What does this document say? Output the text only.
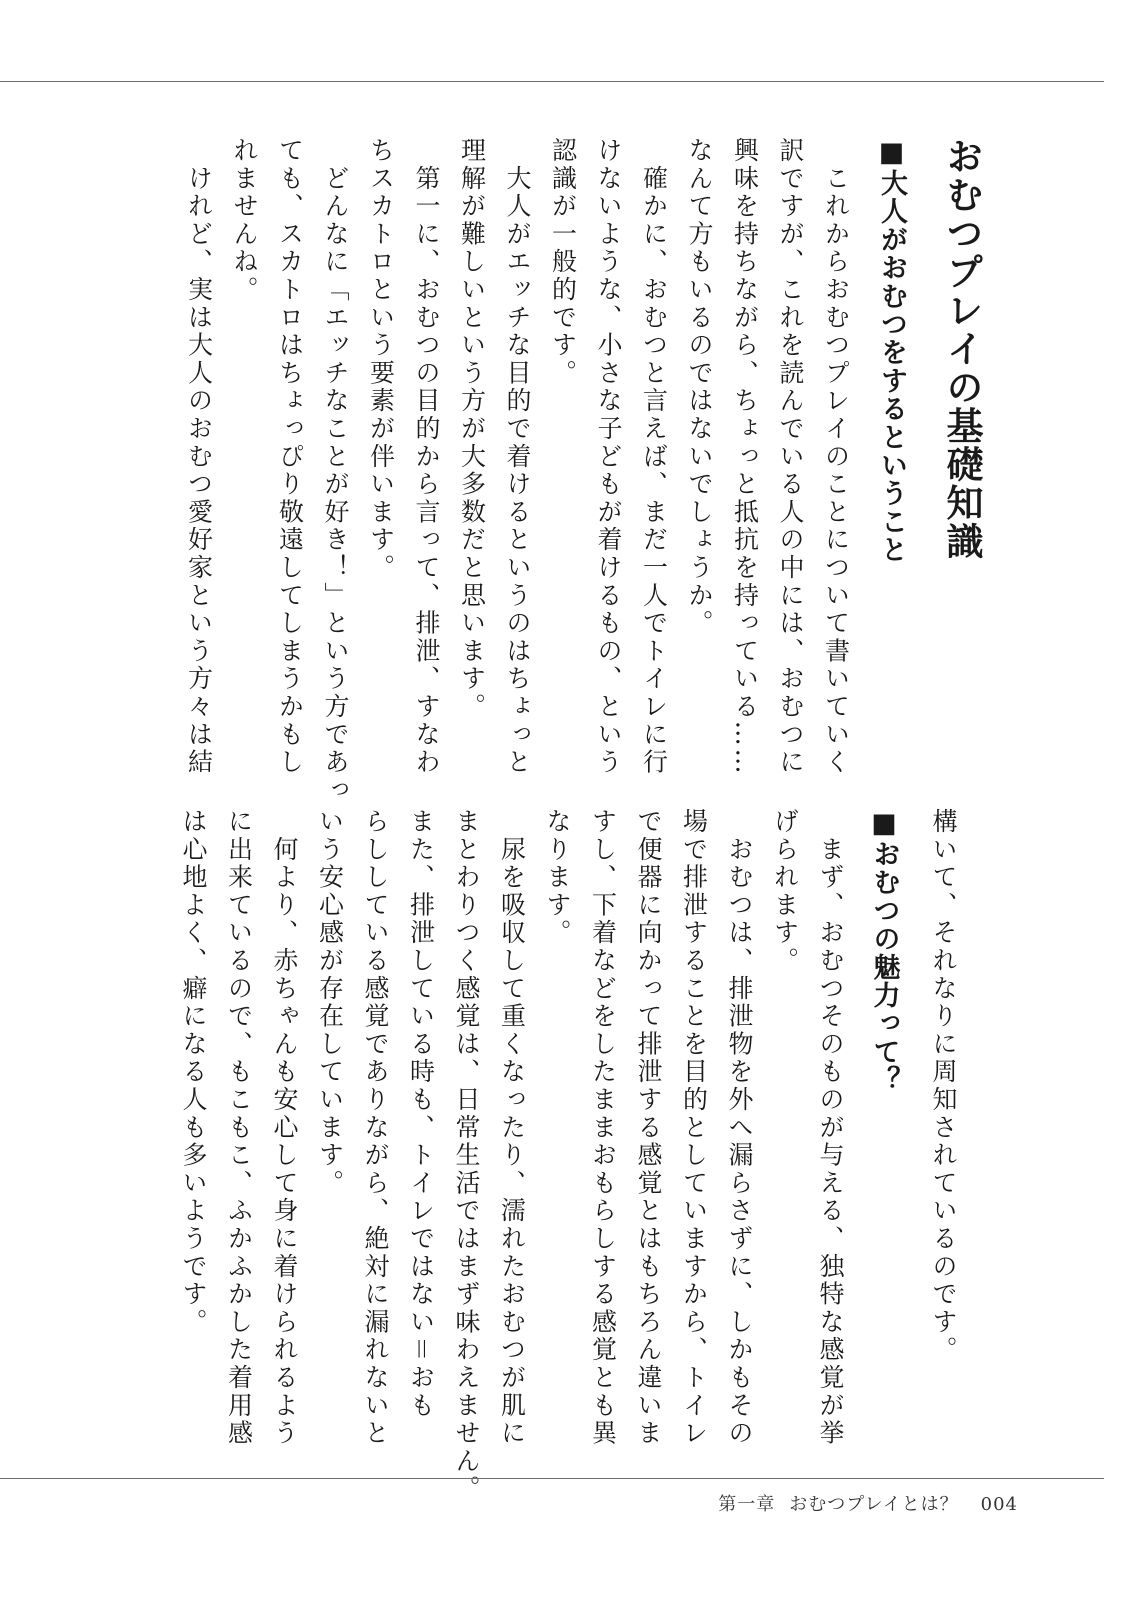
おむつプレイの基礎知識
■大人がおむつをするということ
　これからおむつプレイのことについて書いていく
訳ですが、これを読んでいる人の中には、おむつに
興味を持ちながら、ちょっと抵抗を持っている……
なんて方もいるのではないでしょうか。
　確かに、おむつと言えば、まだ一人でトイレに行
けないような、小さな子どもが着けるもの、という
認識が一般的です。
　大人がエッチな目的で着けるというのはちょっと
理解が難しいという方が大多数だと思います。
　第一に、おむつの目的から言って、排泄、すなわ
ちスカトロという要素が伴います。
　どんなに「エッチなことが好き！」という方であっ
ても、スカトロはちょっぴり敬遠してしまうかもし
れませんね。
　けれど、実は大人のおむつ愛好家という方々は結
構いて、それなりに周知されているのです。
■おむつの魅力って？
　まず、おむつそのものが与える、独特な感覚が挙
げられます。
　おむつは、排泄物を外へ漏らさずに、しかもその
場で排泄することを目的としていますから、トイレ
で便器に向かって排泄する感覚とはもちろん違いま
すし、下着などをしたままおもらしする感覚とも異
なります。
　尿を吸収して重くなったり、濡れたおむつが肌に
まとわりつく感覚は、日常生活ではまず味わえません。
また、排泄している時も、トイレではない＝おも
らししている感覚でありながら、絶対に漏れないと
いう安心感が存在しています。
　何より、赤ちゃんも安心して身に着けられるよう
に出来ているので、もこもこ、ふかふかした着用感
は心地よく、癖になる人も多いようです。
第一章 おむつプレイとは？ 004
